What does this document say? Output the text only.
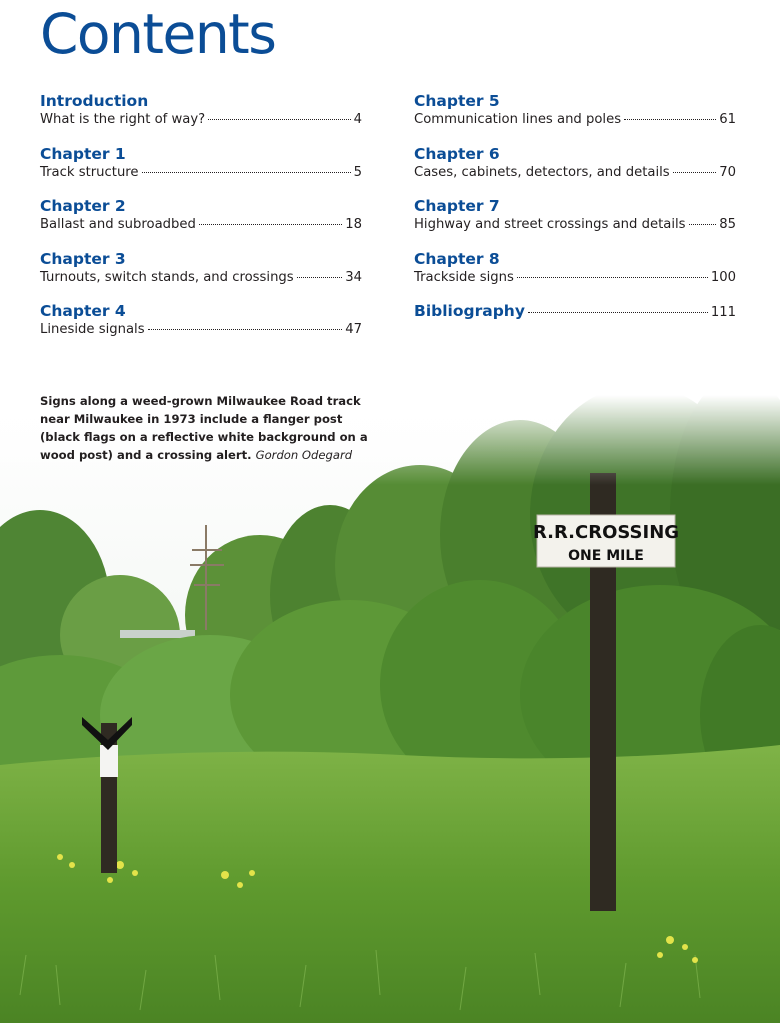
Contents
Introduction
What is the right of way?	4
Chapter 1
Track structure	5
Chapter 2
Ballast and subroadbed	18
Chapter 3
Turnouts, switch stands, and crossings	34
Chapter 4
Lineside signals	47
Chapter 5
Communication lines and poles	61
Chapter 6
Cases, cabinets, detectors, and details	70
Chapter 7
Highway and street crossings and details	85
Chapter 8
Trackside signs	100
Bibliography	111
R.R.CROSSING
ONE MILE

Signs along a weed-grown Milwaukee Road track near Milwaukee in 1973 include a flanger post (black flags on a reflective white background on a wood post) and a crossing alert. Gordon Odegard
